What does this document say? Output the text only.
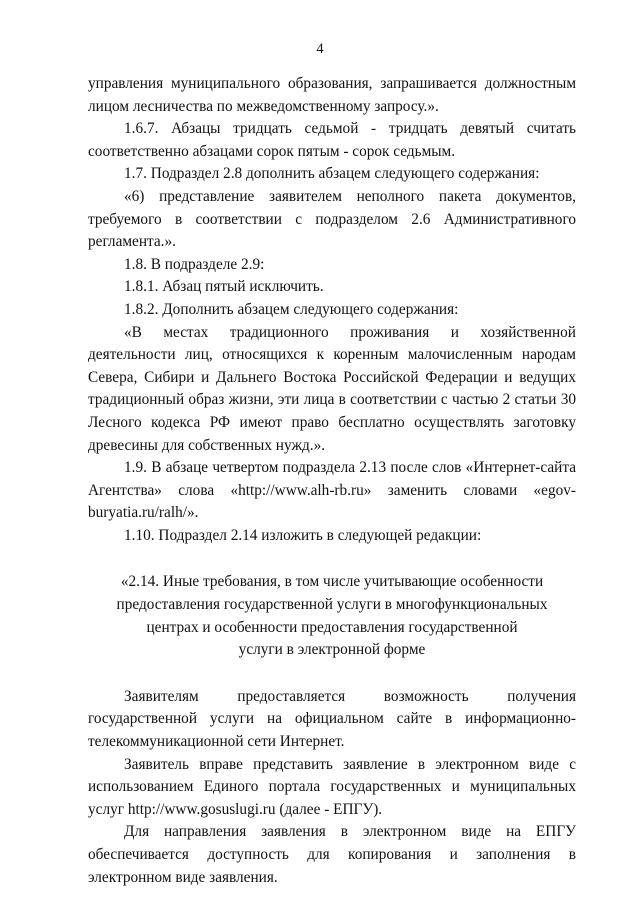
4

управления муниципального образования, запрашивается должностным лицом лесничества по межведомственному запросу.».

1.6.7. Абзацы тридцать седьмой - тридцать девятый считать соответственно абзацами сорок пятым - сорок седьмым.

1.7. Подраздел 2.8 дополнить абзацем следующего содержания:

«6) представление заявителем неполного пакета документов, требуемого в соответствии с подразделом 2.6 Административного регламента.».

1.8. В подразделе 2.9:

1.8.1. Абзац пятый исключить.

1.8.2. Дополнить абзацем следующего содержания:

«В местах традиционного проживания и хозяйственной деятельности лиц, относящихся к коренным малочисленным народам Севера, Сибири и Дальнего Востока Российской Федерации и ведущих традиционный образ жизни, эти лица в соответствии с частью 2 статьи 30 Лесного кодекса РФ имеют право бесплатно осуществлять заготовку древесины для собственных нужд.».

1.9. В абзаце четвертом подраздела 2.13 после слов «Интернет-сайта Агентства» слова «http://www.alh-rb.ru» заменить словами «egov-buryatia.ru/ralh/».

1.10. Подраздел 2.14 изложить в следующей редакции:

«2.14. Иные требования, в том числе учитывающие особенности

предоставления государственной услуги в многофункциональных

центрах и особенности предоставления государственной

услуги в электронной форме

Заявителям предоставляется возможность получения государственной услуги на официальном сайте в информационно-телекоммуникационной сети Интернет.

Заявитель вправе представить заявление в электронном виде с использованием Единого портала государственных и муниципальных услуг http://www.gosuslugi.ru (далее - ЕПГУ).

Для направления заявления в электронном виде на ЕПГУ обеспечивается доступность для копирования и заполнения в электронном виде заявления.
